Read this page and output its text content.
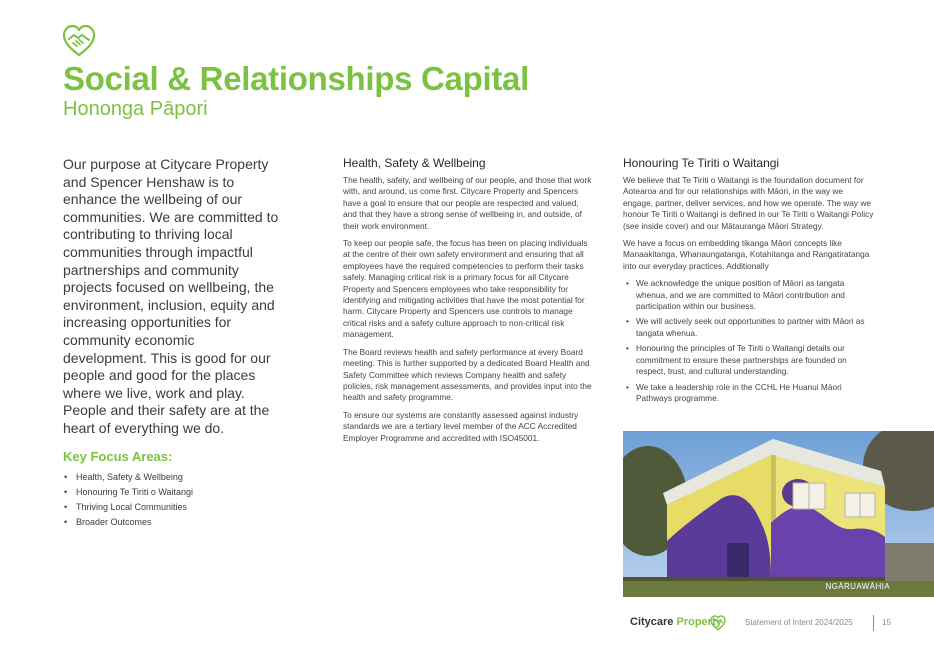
Social & Relationships Capital
Hononga Pāpori

Our purpose at Citycare Property and Spencer Henshaw is to enhance the wellbeing of our communities. We are committed to contributing to thriving local communities through impactful partnerships and community projects focused on wellbeing, the environment, inclusion, equity and increasing opportunities for community economic development. This is good for our people and good for the places where we live, work and play. People and their safety are at the heart of everything we do.

Key Focus Areas:
• Health, Safety & Wellbeing
• Honouring Te Tiriti o Waitangi
• Thriving Local Communities
• Broader Outcomes
Health, Safety & Wellbeing

The health, safety, and wellbeing of our people, and those that work with, and around, us come first. Citycare Property and Spencers have a goal to ensure that our people are respected and valued, and that they have a strong sense of wellbeing in, and outside, of their work environment.

To keep our people safe, the focus has been on placing individuals at the centre of their own safety environment and ensuring that all employees have the required competencies to perform their tasks safely. Managing critical risk is a primary focus for all Citycare Property and Spencers employees who take responsibility for identifying and mitigating activities that have the most potential for harm. Citycare Property and Spencers use controls to manage critical risks and a safety culture approach to non-critical risk management.

The Board reviews health and safety performance at every Board meeting. This is further supported by a dedicated Board Health and Safety Committee which reviews Company health and safety policies, risk management assessments, and provides input into the health and safety programme.

To ensure our systems are constantly assessed against industry standards we are a tertiary level member of the ACC Accredited Employer Programme and accredited with ISO45001.

Honouring Te Tiriti o Waitangi

We believe that Te Tiriti o Waitangi is the foundation document for Aotearoa and for our relationships with Māori, in the way we engage, partner, deliver services, and how we operate. The way we honour Te Tiriti o Waitangi is defined in our Te Tiriti o Waitangi Policy (see inside cover) and our Mātauranga Māori Strategy.

We have a focus on embedding tikanga Māori concepts like Manaakitanga, Whanaungatanga, Kotahitanga and Rangatiratanga into our everyday practices. Additionally

• We acknowledge the unique position of Māori as tangata whenua, and we are committed to Māori contribution and participation within our business.
• We will actively seek out opportunities to partner with Māori as tangata whenua.
• Honouring the principles of Te Tiriti o Waitangi details our commitment to ensure these partnerships are founded on respect, trust, and cultural understanding.
• We take a leadership role in the CCHL He Huanui Māori Pathways programme.
NGĀRUAWĀHIA
Citycare Property	Statement of Intent 2024/2025	15
